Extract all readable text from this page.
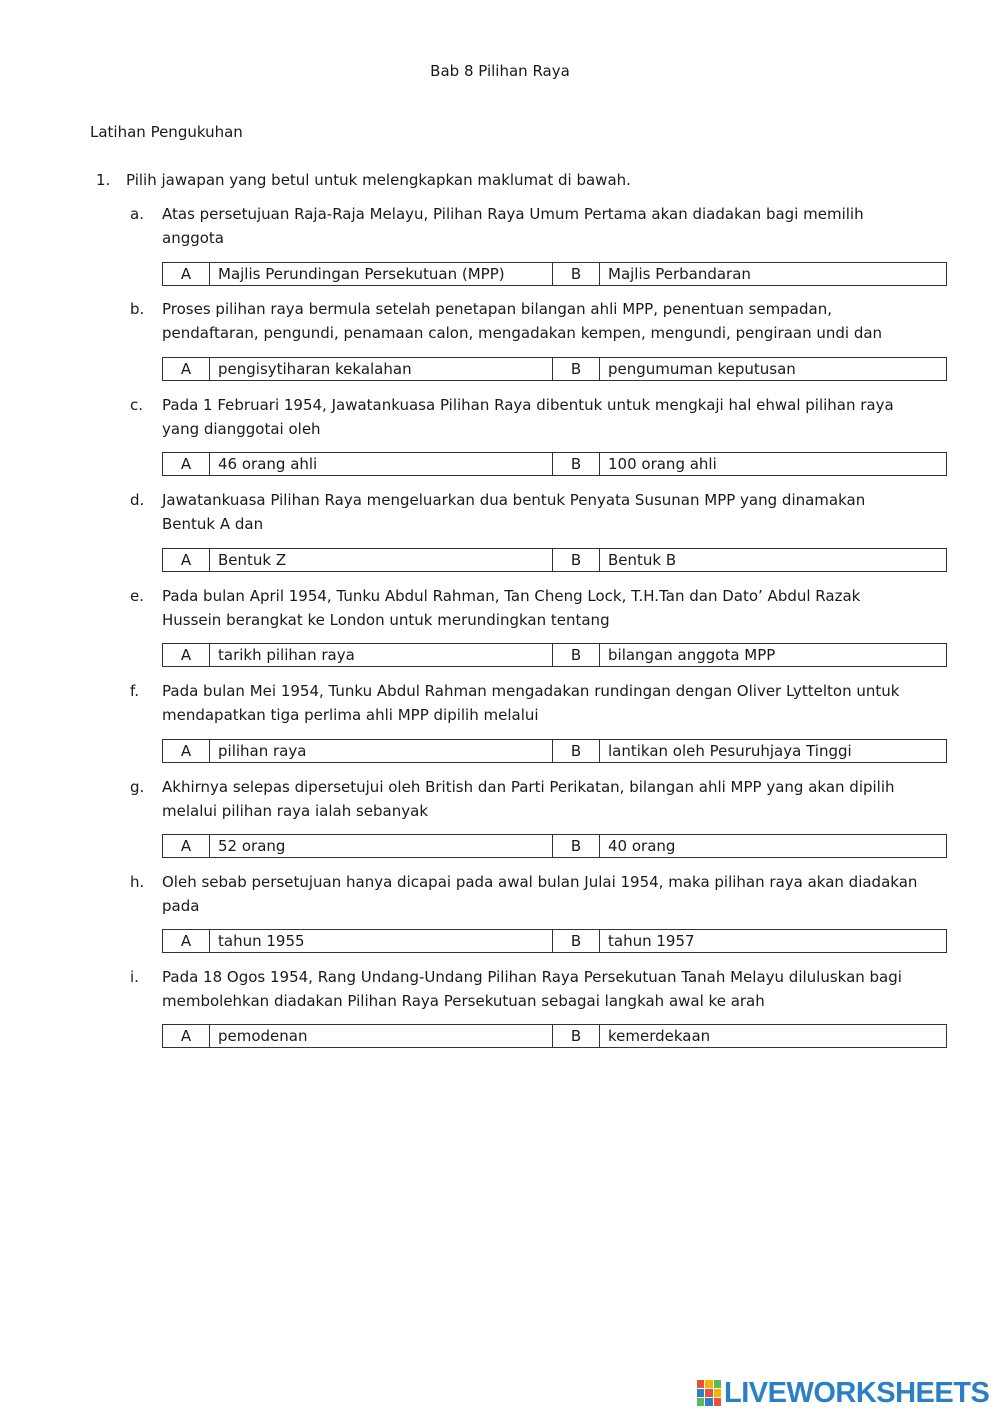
Bab 8 Pilihan Raya
Latihan Pengukuhan
1. Pilih jawapan yang betul untuk melengkapkan maklumat di bawah.
a. Atas persetujuan Raja-Raja Melayu, Pilihan Raya Umum Pertama akan diadakan bagi memilih anggota
A	Majlis Perundingan Persekutuan (MPP)	B	Majlis Perbandaran
b. Proses pilihan raya bermula setelah penetapan bilangan ahli MPP, penentuan sempadan, pendaftaran, pengundi, penamaan calon, mengadakan kempen, mengundi, pengiraan undi dan
A	pengisytiharan kekalahan	B	pengumuman keputusan
c. Pada 1 Februari 1954, Jawatankuasa Pilihan Raya dibentuk untuk mengkaji hal ehwal pilihan raya yang dianggotai oleh
A	46 orang ahli	B	100 orang ahli
d. Jawatankuasa Pilihan Raya mengeluarkan dua bentuk Penyata Susunan MPP yang dinamakan Bentuk A dan
A	Bentuk Z	B	Bentuk B
e. Pada bulan April 1954, Tunku Abdul Rahman, Tan Cheng Lock, T.H.Tan dan Dato’ Abdul Razak Hussein berangkat ke London untuk merundingkan tentang
A	tarikh pilihan raya	B	bilangan anggota MPP
f. Pada bulan Mei 1954, Tunku Abdul Rahman mengadakan rundingan dengan Oliver Lyttelton untuk mendapatkan tiga perlima ahli MPP dipilih melalui
A	pilihan raya	B	lantikan oleh Pesuruhjaya Tinggi
g. Akhirnya selepas dipersetujui oleh British dan Parti Perikatan, bilangan ahli MPP yang akan dipilih melalui pilihan raya ialah sebanyak
A	52 orang	B	40 orang
h. Oleh sebab persetujuan hanya dicapai pada awal bulan Julai 1954, maka pilihan raya akan diadakan pada
A	tahun 1955	B	tahun 1957
i. Pada 18 Ogos 1954, Rang Undang-Undang Pilihan Raya Persekutuan Tanah Melayu diluluskan bagi membolehkan diadakan Pilihan Raya Persekutuan sebagai langkah awal ke arah
A	pemodenan	B	kemerdekaan
LIVEWORKSHEETS
